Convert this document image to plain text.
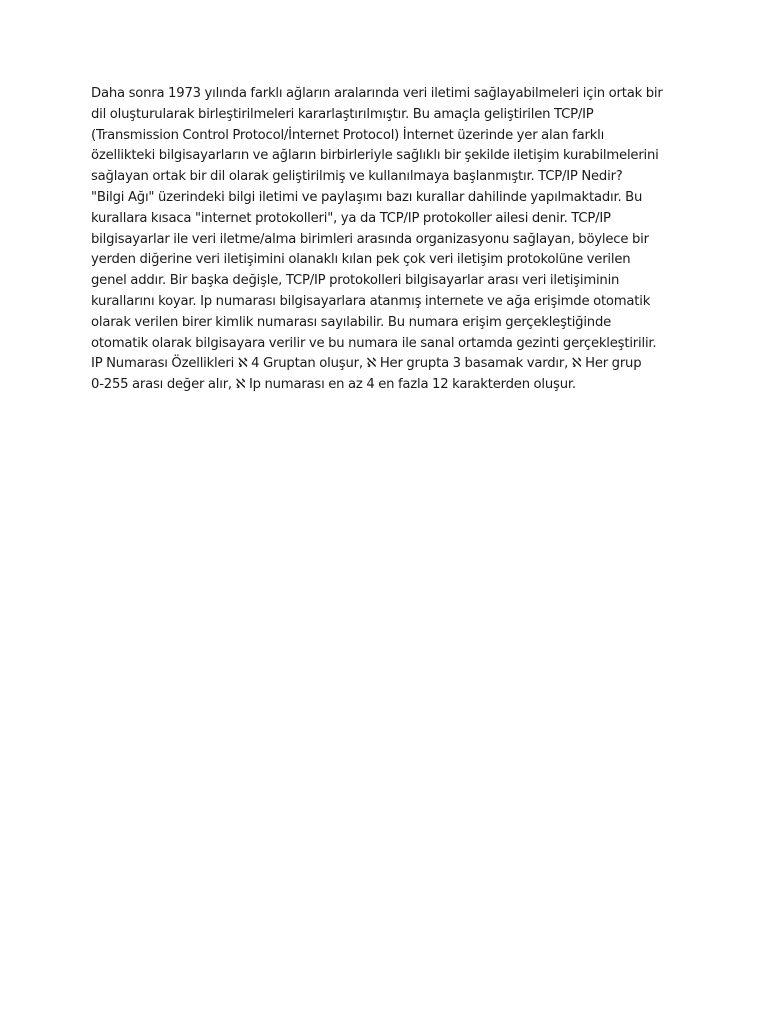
Daha sonra 1973 yılında farklı ağların aralarında veri iletimi sağlayabilmeleri için ortak bir
dil oluşturularak birleştirilmeleri kararlaştırılmıştır. Bu amaçla geliştirilen TCP/IP
(Transmission Control Protocol/İnternet Protocol) İnternet üzerinde yer alan farklı
özellikteki bilgisayarların ve ağların birbirleriyle sağlıklı bir şekilde iletişim kurabilmelerini
sağlayan ortak bir dil olarak geliştirilmiş ve kullanılmaya başlanmıştır. TCP/IP Nedir?
"Bilgi Ağı" üzerindeki bilgi iletimi ve paylaşımı bazı kurallar dahilinde yapılmaktadır. Bu
kurallara kısaca "internet protokolleri", ya da TCP/IP protokoller ailesi denir. TCP/IP
bilgisayarlar ile veri iletme/alma birimleri arasında organizasyonu sağlayan, böylece bir
yerden diğerine veri iletişimini olanaklı kılan pek çok veri iletişim protokolüne verilen
genel addır. Bir başka değişle, TCP/IP protokolleri bilgisayarlar arası veri iletişiminin
kurallarını koyar. Ip numarası bilgisayarlara atanmış internete ve ağa erişimde otomatik
olarak verilen birer kimlik numarası sayılabilir. Bu numara erişim gerçekleştiğinde
otomatik olarak bilgisayara verilir ve bu numara ile sanal ortamda gezinti gerçekleştirilir.
IP Numarası Özellikleri ℵ 4 Gruptan oluşur, ℵ Her grupta 3 basamak vardır, ℵ Her grup
0-255 arası değer alır, ℵ Ip numarası en az 4 en fazla 12 karakterden oluşur.
